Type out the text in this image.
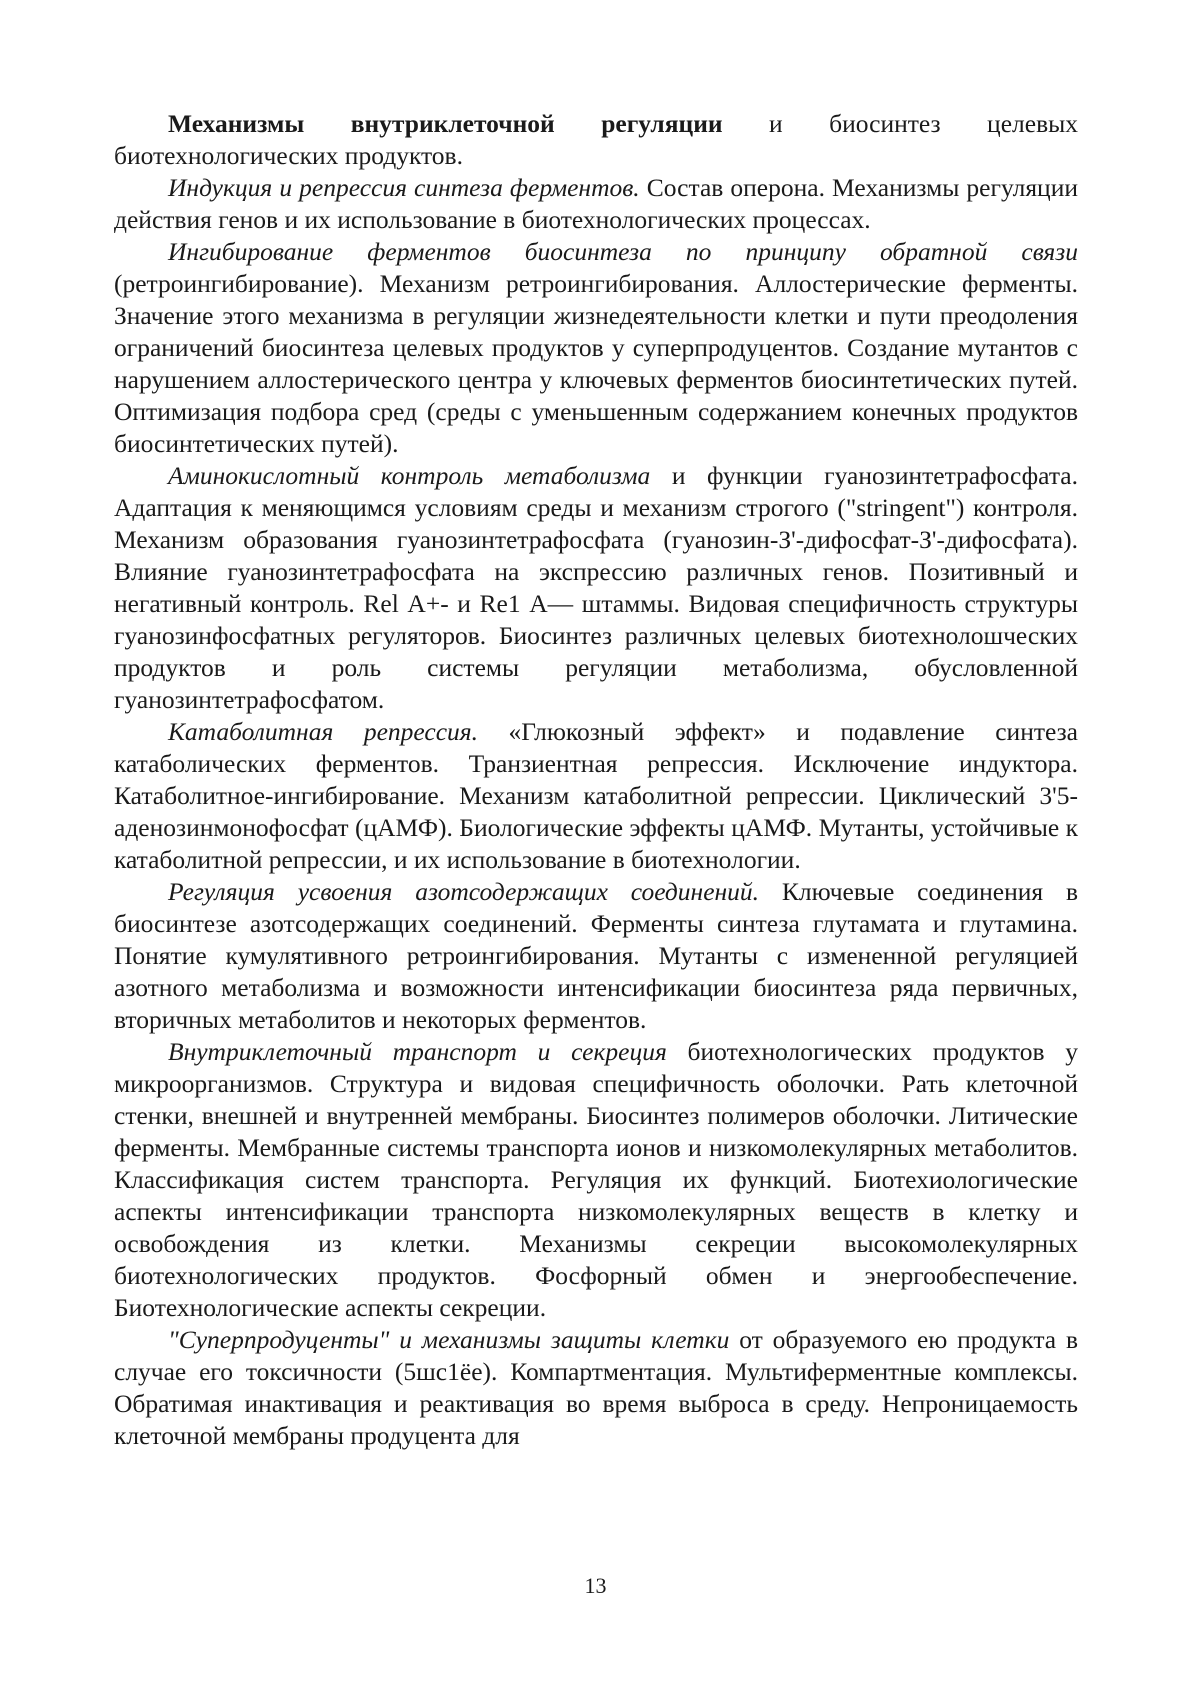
Механизмы внутриклеточной регуляции и биосинтез целевых биотехнологических продуктов.

Индукция и репрессия синтеза ферментов. Состав оперона. Механизмы регуляции действия генов и их использование в биотехнологических процессах.

Ингибирование ферментов биосинтеза по принципу обратной связи (ретроингибирование). Механизм ретроингибирования. Аллостерические ферменты. Значение этого механизма в регуляции жизнедеятельности клетки и пути преодоления ограничений биосинтеза целевых продуктов у суперпродуцентов. Создание мутантов с нарушением аллостерического центра у ключевых ферментов биосинтетических путей. Оптимизация подбора сред (среды с уменьшенным содержанием конечных продуктов биосинтетических путей).

Аминокислотный контроль метаболизма и функции гуанозинтетрафосфата. Адаптация к меняющимся условиям среды и механизм строгого ("stringent") контроля. Механизм образования гуанозинтетрафосфата (гуанозин-З'-дифосфат-З'-дифосфата). Влияние гуанозинтетрафосфата на экспрессию различных генов. Позитивный и негативный контроль. Rel А+- и Re1 А— штаммы. Видовая специфичность структуры гуанозинфосфатных регуляторов. Биосинтез различных целевых биотехнолошческих продуктов и роль системы регуляции метаболизма, обусловленной гуанозинтетрафосфатом.

Катаболитная репрессия. «Глюкозный эффект» и подавление синтеза катаболических ферментов. Транзиентная репрессия. Исключение индуктора. Катаболитное-ингибирование. Механизм катаболитной репрессии. Циклический 3'5-аденозинмонофосфат (цАМФ). Биологические эффекты цАМФ. Мутанты, устойчивые к катаболитной репрессии, и их использование в биотехнологии.

Регуляция усвоения азотсодержащих соединений. Ключевые соединения в биосинтезе азотсодержащих соединений. Ферменты синтеза глутамата и глутамина. Понятие кумулятивного ретроингибирования. Мутанты с измененной регуляцией азотного метаболизма и возможности интенсификации биосинтеза ряда первичных, вторичных метаболитов и некоторых ферментов.

Внутриклеточный транспорт и секреция биотехнологических продуктов у микроорганизмов. Структура и видовая специфичность оболочки. Рать клеточной стенки, внешней и внутренней мембраны. Биосинтез полимеров оболочки. Литические ферменты. Мембранные системы транспорта ионов и низкомолекулярных метаболитов. Классификация систем транспорта. Регуляция их функций. Биотехиологические аспекты интенсификации транспорта низкомолекулярных веществ в клетку и освобождения из клетки. Механизмы секреции высокомолекулярных биотехнологических продуктов. Фосфорный обмен и энергообеспечение. Биотехнологические аспекты секреции.

"Суперпродуценты" и механизмы защиты клетки от образуемого ею продукта в случае его токсичности (5шс1ёе). Компартментация. Мультиферментные комплексы. Обратимая инактивация и реактивация во время выброса в среду. Непроницаемость клеточной мембраны продуцента для

13
